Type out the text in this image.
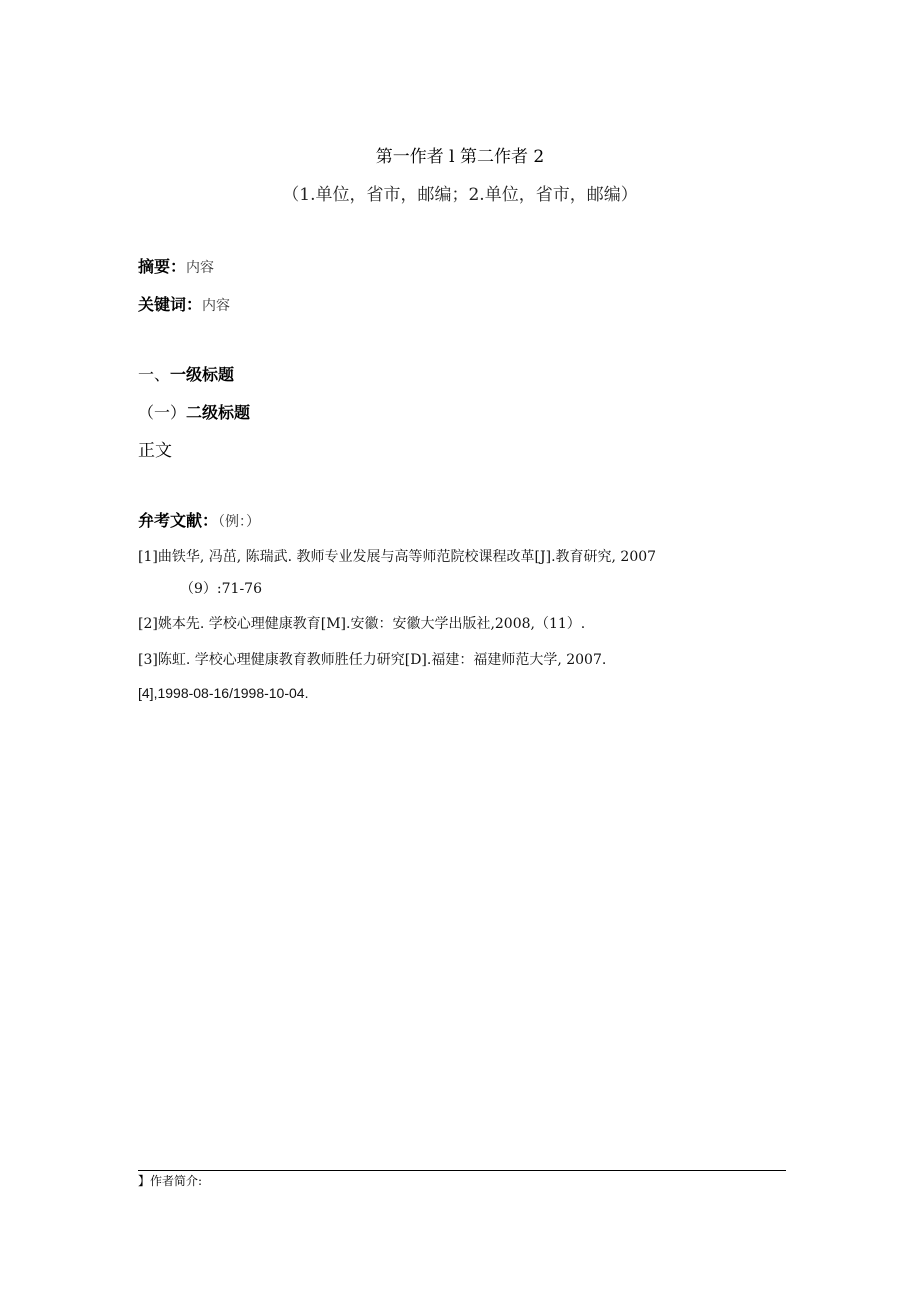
第一作者 l 第二作者 2
（1.单位，省市，邮编；2.单位，省市，邮编）
摘要：内容
关键词：内容
一、一级标题
（一）二级标题
正文
弁考文献：（例：）
[1]曲铁华, 冯茁, 陈瑞武. 教师专业发展与高等师范院校课程改革[J].教育研究, 2007
（9）:71-76
[2]姚本先. 学校心理健康教育[M].安徽：安徽大学出版社,2008,（11）.
[3]陈虹. 学校心理健康教育教师胜任力研究[D].福建：福建师范大学, 2007.
[4],1998-08-16/1998-10-04.
】作者简介:
